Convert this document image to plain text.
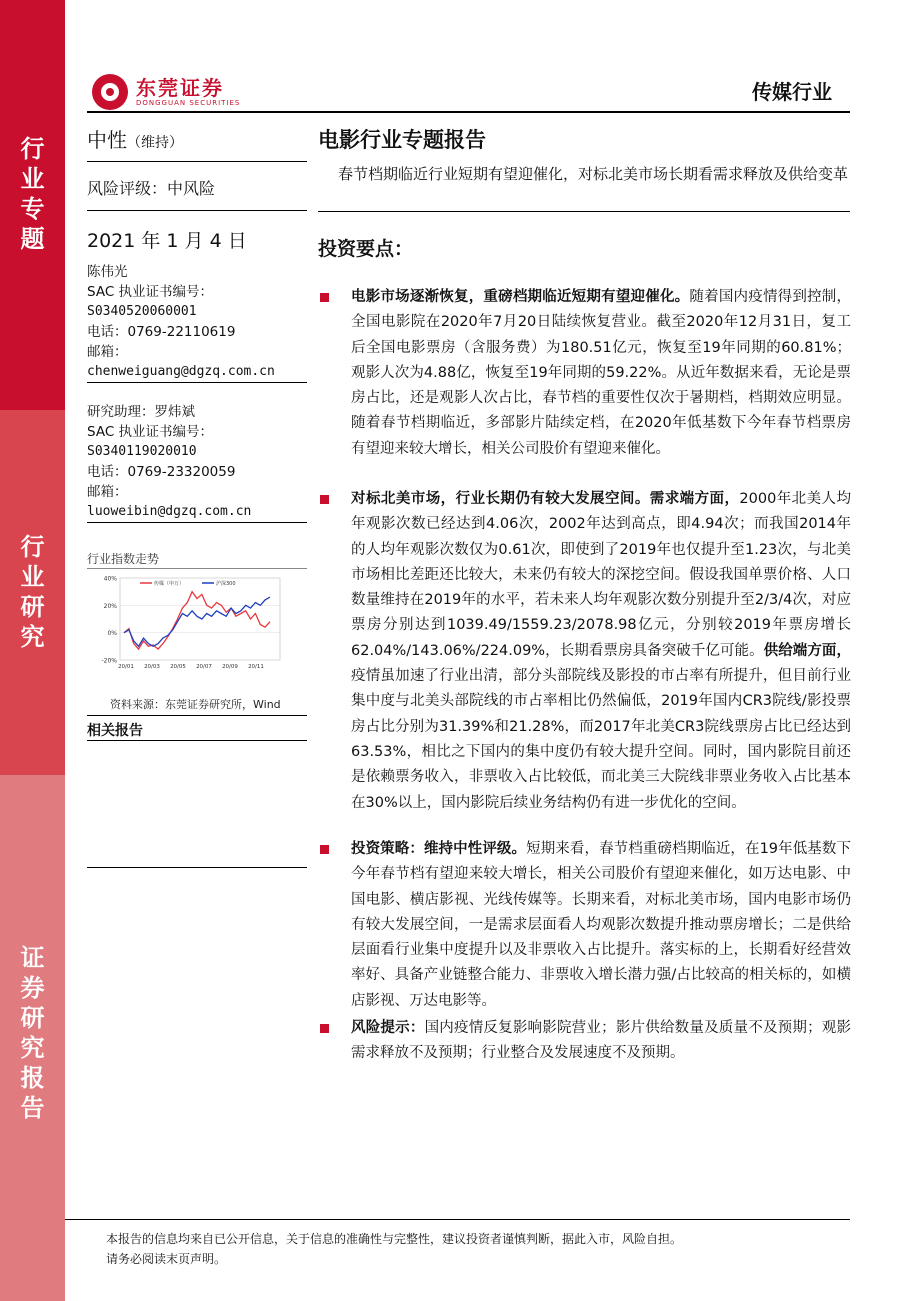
行业专题
行业研究
证券研究报告
东莞证券
DONGGUAN SECURITIES	传媒行业
中性（维持）
风险评级：中风险
2021 年 1 月 4 日
陈伟光
SAC 执业证书编号：
S0340520060001
电话：0769-22110619
邮箱：
chenweiguang@dgzq.com.cn
研究助理：罗炜斌
SAC 执业证书编号：
S0340119020010
电话：0769-23320059
邮箱：
luoweibin@dgzq.com.cn
行业指数走势
40%
20%
0%
-20%
20/01 20/03 20/05 20/07 20/09 20/11
传媒（申万）	沪深300
资料来源：东莞证券研究所，Wind
相关报告
电影行业专题报告
春节档期临近行业短期有望迎催化，对标北美市场长期看需求释放及供给变革
投资要点：
电影市场逐渐恢复，重磅档期临近短期有望迎催化。随着国内疫情得到控制，全国电影院在2020年7月20日陆续恢复营业。截至2020年12月31日，复工后全国电影票房（含服务费）为180.51亿元，恢复至19年同期的60.81%；观影人次为4.88亿，恢复至19年同期的59.22%。从近年数据来看，无论是票房占比，还是观影人次占比，春节档的重要性仅次于暑期档，档期效应明显。随着春节档期临近，多部影片陆续定档，在2020年低基数下今年春节档票房有望迎来较大增长，相关公司股价有望迎来催化。
对标北美市场，行业长期仍有较大发展空间。需求端方面，2000年北美人均年观影次数已经达到4.06次，2002年达到高点，即4.94次；而我国2014年的人均年观影次数仅为0.61次，即使到了2019年也仅提升至1.23次，与北美市场相比差距还比较大，未来仍有较大的深挖空间。假设我国单票价格、人口数量维持在2019年的水平，若未来人均年观影次数分别提升至2/3/4次，对应票房分别达到1039.49/1559.23/2078.98亿元，分别较2019年票房增长62.04%/143.06%/224.09%，长期看票房具备突破千亿可能。供给端方面，疫情虽加速了行业出清，部分头部院线及影投的市占率有所提升，但目前行业集中度与北美头部院线的市占率相比仍然偏低，2019年国内CR3院线/影投票房占比分别为31.39%和21.28%，而2017年北美CR3院线票房占比已经达到63.53%，相比之下国内的集中度仍有较大提升空间。同时，国内影院目前还是依赖票务收入，非票收入占比较低，而北美三大院线非票业务收入占比基本在30%以上，国内影院后续业务结构仍有进一步优化的空间。
投资策略：维持中性评级。短期来看，春节档重磅档期临近，在19年低基数下今年春节档有望迎来较大增长，相关公司股价有望迎来催化，如万达电影、中国电影、横店影视、光线传媒等。长期来看，对标北美市场，国内电影市场仍有较大发展空间，一是需求层面看人均观影次数提升推动票房增长；二是供给层面看行业集中度提升以及非票收入占比提升。落实标的上，长期看好经营效率好、具备产业链整合能力、非票收入增长潜力强/占比较高的相关标的，如横店影视、万达电影等。
风险提示：国内疫情反复影响影院营业；影片供给数量及质量不及预期；观影需求释放不及预期；行业整合及发展速度不及预期。
本报告的信息均来自已公开信息，关于信息的准确性与完整性，建议投资者谨慎判断，据此入市，风险自担。
请务必阅读末页声明。
